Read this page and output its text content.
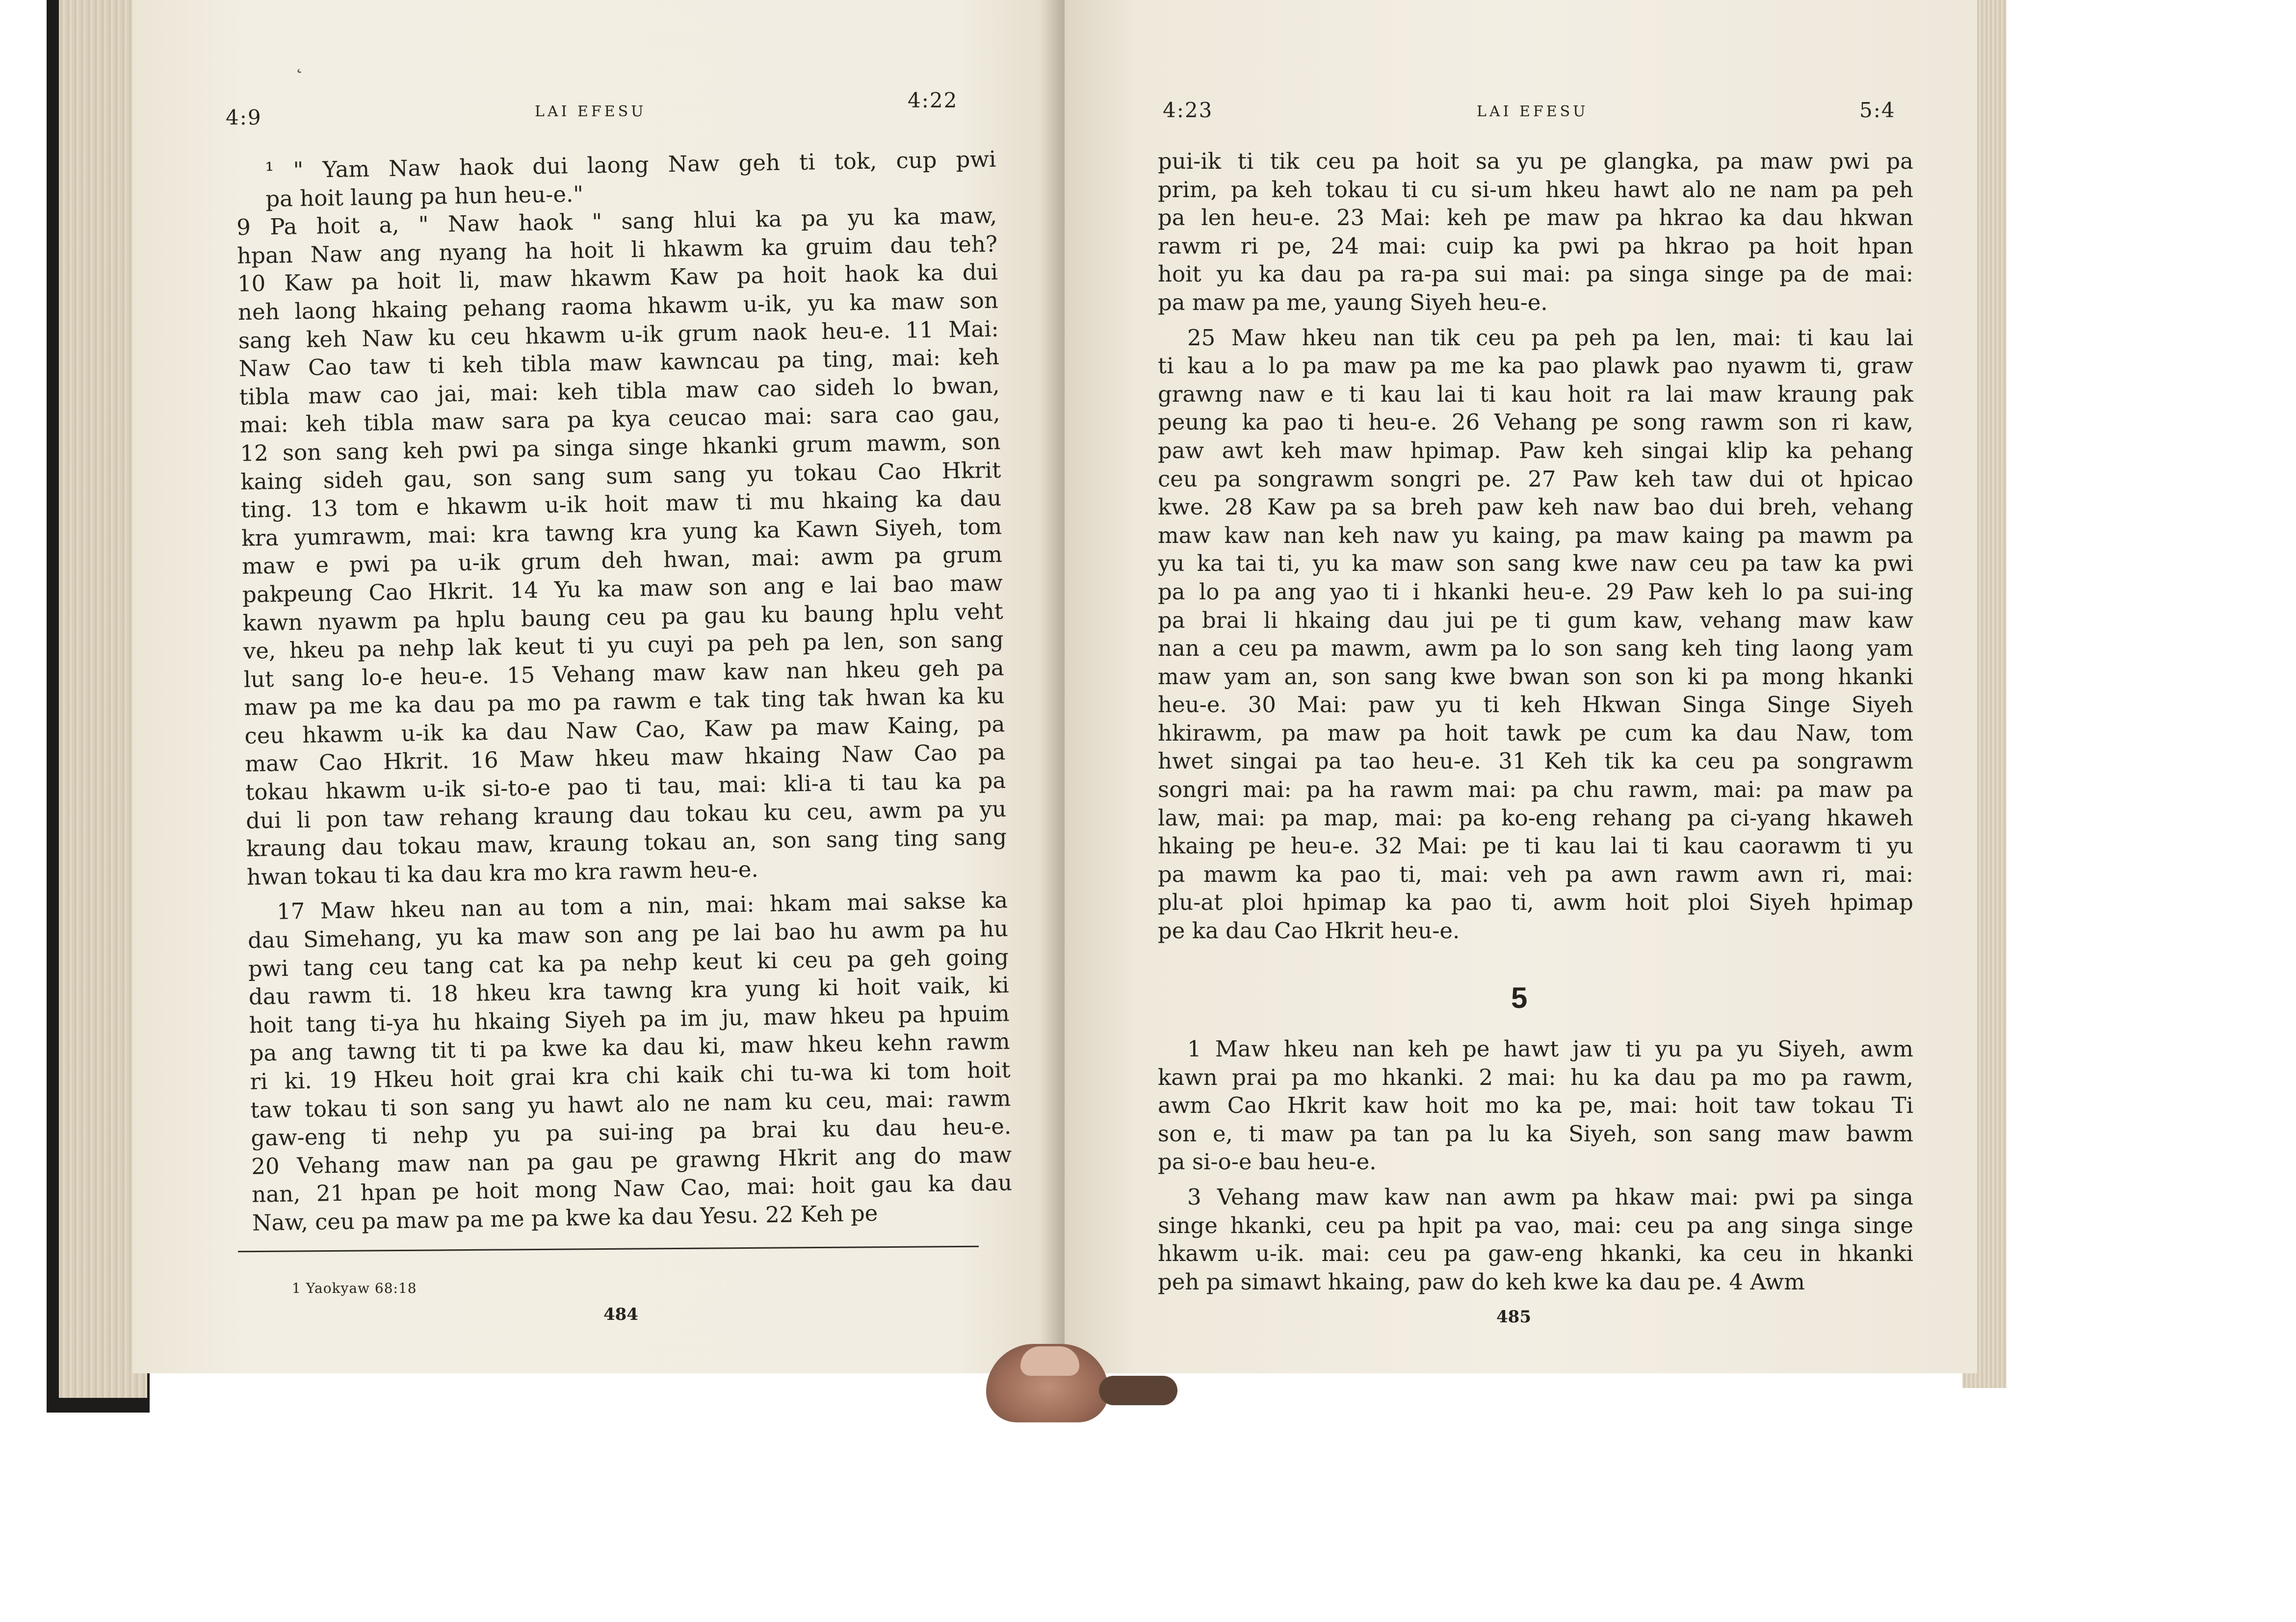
˛
4:9	LAI EFESU	4:22
¹ " Yam Naw haok dui laong Naw geh ti tok, cup pwi
pa hoit laung pa hun heu-e."
9 Pa hoit a, " Naw haok " sang hlui ka pa yu ka maw,
hpan Naw ang nyang ha hoit li hkawm ka gruim dau teh?
10 Kaw pa hoit li, maw hkawm Kaw pa hoit haok ka dui
neh laong hkaing pehang raoma hkawm u-ik, yu ka maw son
sang keh Naw ku ceu hkawm u-ik grum naok heu-e. 11 Mai:
Naw Cao taw ti keh tibla maw kawncau pa ting, mai: keh
tibla maw cao jai, mai: keh tibla maw cao sideh lo bwan,
mai: keh tibla maw sara pa kya ceucao mai: sara cao gau,
12 son sang keh pwi pa singa singe hkanki grum mawm, son
kaing sideh gau, son sang sum sang yu tokau Cao Hkrit
ting. 13 tom e hkawm u-ik hoit maw ti mu hkaing ka dau
kra yumrawm, mai: kra tawng kra yung ka Kawn Siyeh, tom
maw e pwi pa u-ik grum deh hwan, mai: awm pa grum
pakpeung Cao Hkrit. 14 Yu ka maw son ang e lai bao maw
kawn nyawm pa hplu baung ceu pa gau ku baung hplu veht
ve, hkeu pa nehp lak keut ti yu cuyi pa peh pa len, son sang
lut sang lo-e heu-e. 15 Vehang maw kaw nan hkeu geh pa
maw pa me ka dau pa mo pa rawm e tak ting tak hwan ka ku
ceu hkawm u-ik ka dau Naw Cao, Kaw pa maw Kaing, pa
maw Cao Hkrit. 16 Maw hkeu maw hkaing Naw Cao pa
tokau hkawm u-ik si-to-e pao ti tau, mai: kli-a ti tau ka pa
dui li pon taw rehang kraung dau tokau ku ceu, awm pa yu
kraung dau tokau maw, kraung tokau an, son sang ting sang
hwan tokau ti ka dau kra mo kra rawm heu-e.
17 Maw hkeu nan au tom a nin, mai: hkam mai sakse ka
dau Simehang, yu ka maw son ang pe lai bao hu awm pa hu
pwi tang ceu tang cat ka pa nehp keut ki ceu pa geh going
dau rawm ti. 18 hkeu kra tawng kra yung ki hoit vaik, ki
hoit tang ti-ya hu hkaing Siyeh pa im ju, maw hkeu pa hpuim
pa ang tawng tit ti pa kwe ka dau ki, maw hkeu kehn rawm
ri ki. 19 Hkeu hoit grai kra chi kaik chi tu-wa ki tom hoit
taw tokau ti son sang yu hawt alo ne nam ku ceu, mai: rawm
gaw-eng ti nehp yu pa sui-ing pa brai ku dau heu-e.
20 Vehang maw nan pa gau pe grawng Hkrit ang do maw
nan, 21 hpan pe hoit mong Naw Cao, mai: hoit gau ka dau
Naw, ceu pa maw pa me pa kwe ka dau Yesu. 22 Keh pe
1 Yaokyaw 68:18
484
4:23	LAI EFESU	5:4
pui-ik ti tik ceu pa hoit sa yu pe glangka, pa maw pwi pa
prim, pa keh tokau ti cu si-um hkeu hawt alo ne nam pa peh
pa len heu-e. 23 Mai: keh pe maw pa hkrao ka dau hkwan
rawm ri pe, 24 mai: cuip ka pwi pa hkrao pa hoit hpan
hoit yu ka dau pa ra-pa sui mai: pa singa singe pa de mai:
pa maw pa me, yaung Siyeh heu-e.
25 Maw hkeu nan tik ceu pa peh pa len, mai: ti kau lai
ti kau a lo pa maw pa me ka pao plawk pao nyawm ti, graw
grawng naw e ti kau lai ti kau hoit ra lai maw kraung pak
peung ka pao ti heu-e. 26 Vehang pe song rawm son ri kaw,
paw awt keh maw hpimap. Paw keh singai klip ka pehang
ceu pa songrawm songri pe. 27 Paw keh taw dui ot hpicao
kwe. 28 Kaw pa sa breh paw keh naw bao dui breh, vehang
maw kaw nan keh naw yu kaing, pa maw kaing pa mawm pa
yu ka tai ti, yu ka maw son sang kwe naw ceu pa taw ka pwi
pa lo pa ang yao ti i hkanki heu-e. 29 Paw keh lo pa sui-ing
pa brai li hkaing dau jui pe ti gum kaw, vehang maw kaw
nan a ceu pa mawm, awm pa lo son sang keh ting laong yam
maw yam an, son sang kwe bwan son son ki pa mong hkanki
heu-e. 30 Mai: paw yu ti keh Hkwan Singa Singe Siyeh
hkirawm, pa maw pa hoit tawk pe cum ka dau Naw, tom
hwet singai pa tao heu-e. 31 Keh tik ka ceu pa songrawm
songri mai: pa ha rawm mai: pa chu rawm, mai: pa maw pa
law, mai: pa map, mai: pa ko-eng rehang pa ci-yang hkaweh
hkaing pe heu-e. 32 Mai: pe ti kau lai ti kau caorawm ti yu
pa mawm ka pao ti, mai: veh pa awn rawm awn ri, mai:
plu-at ploi hpimap ka pao ti, awm hoit ploi Siyeh hpimap
pe ka dau Cao Hkrit heu-e.
5
1 Maw hkeu nan keh pe hawt jaw ti yu pa yu Siyeh, awm
kawn prai pa mo hkanki. 2 mai: hu ka dau pa mo pa rawm,
awm Cao Hkrit kaw hoit mo ka pe, mai: hoit taw tokau Ti
son e, ti maw pa tan pa lu ka Siyeh, son sang maw bawm
pa si-o-e bau heu-e.
3 Vehang maw kaw nan awm pa hkaw mai: pwi pa singa
singe hkanki, ceu pa hpit pa vao, mai: ceu pa ang singa singe
hkawm u-ik. mai: ceu pa gaw-eng hkanki, ka ceu in hkanki
peh pa simawt hkaing, paw do keh kwe ka dau pe. 4 Awm
485
